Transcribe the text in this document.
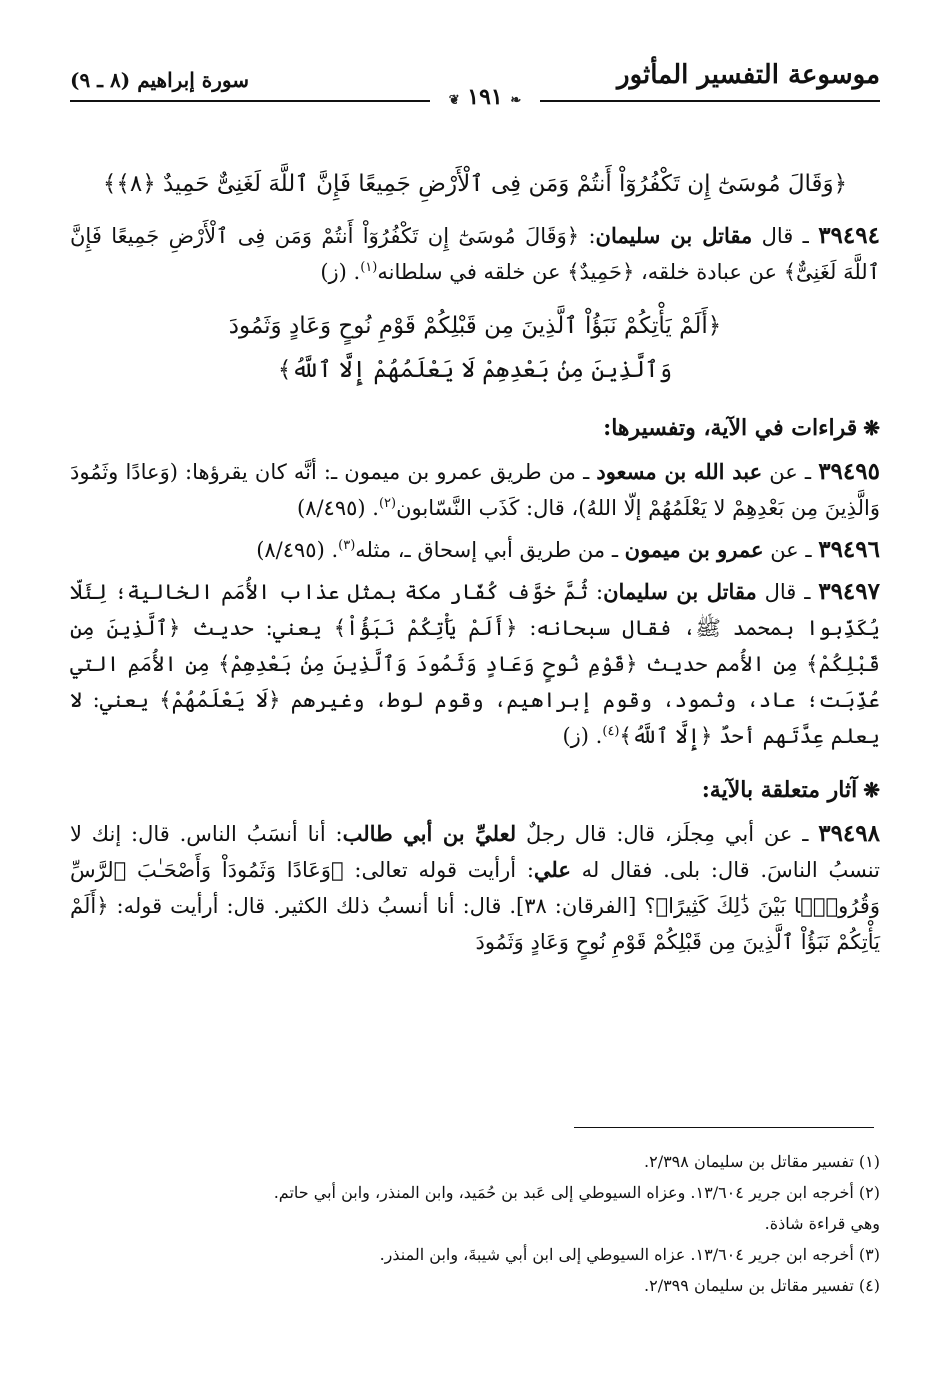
موسوعة التفسير المأثور
سورة إبراهيم (٨ ـ ٩)
❦ ١٩١ ❧
﴿وَقَالَ مُوسَىٰٓ إِن تَكْفُرُوٓاْ أَنتُمْ وَمَن فِى ٱلْأَرْضِ جَمِيعًا فَإِنَّ ٱللَّهَ لَغَنِىٌّ حَمِيدٌ ﴿٨﴾﴾

٣٩٤٩٤ ـ قال مقاتل بن سليمان: ﴿وَقَالَ مُوسَىٰٓ إِن تَكْفُرُوٓاْ أَنتُمْ وَمَن فِى ٱلْأَرْضِ جَمِيعًا فَإِنَّ ٱللَّهَ لَغَنِىٌّ﴾ عن عبادة خلقه، ﴿حَمِيدٌ﴾ عن خلقه في سلطانه$^{(١)}$. (ز)

﴿أَلَمْ يَأْتِكُمْ نَبَؤُاْ ٱلَّذِينَ مِن قَبْلِكُمْ قَوْمِ نُوحٍ وَعَادٍ وَثَمُودَ
وَٱلَّذِينَ مِنۢ بَعْدِهِمْ لَا يَعْلَمُهُمْ إِلَّا ٱللَّهُ﴾
❋قراءات في الآية، وتفسيرها:

٣٩٤٩٥ ـ عن عبد الله بن مسعود ـ من طريق عمرو بن ميمون ـ: أنَّه كان يقرؤها: (وَعادًا وثَمُودَ وَالَّذِينَ مِن بَعْدِهِمْ لا يَعْلَمُهُمْ إلّا اللهُ)، قال: كَذَب النَّسّابون$^{(٢)}$. (٨/٤٩٥)

٣٩٤٩٦ ـ عن عمرو بن ميمون ـ من طريق أبي إسحاق ـ، مثله$^{(٣)}$. (٨/٤٩٥)

٣٩٤٩٧ ـ قال مقاتل بن سليمان: ثُمَّ خوَّف كُفّار مكة بمثل عذاب الأُمَم الخالية؛ لِئَلّا يُكَذِّبوا بمحمد ﷺ، فقال سبحانه: ﴿أَلَمْ يَأْتِكُمْ نَبَؤُاْ﴾ يعني: حديث ﴿ٱلَّذِينَ مِن قَبْلِكُمْ﴾ مِن الأُمم حديث ﴿قَوْمِ نُوحٍ وَعَادٍ وَثَمُودَ وَٱلَّذِينَ مِنۢ بَعْدِهِمْ﴾ مِن الأُمَمِ التي عُذِّبَت؛ عاد، وثمود، وقوم إبراهيم، وقوم لوط، وغيرهم ﴿لَا يَعْلَمُهُمْ﴾ يعني: لا يعلم عِدَّتَهم أحدٌ ﴿إِلَّا ٱللَّهُ﴾$^{(٤)}$. (ز)

❋آثار متعلقة بالآية:

٣٩٤٩٨ ـ عن أبي مِجلَز، قال: قال رجلٌ لعليِّ بن أبي طالب: أنا أنسَبُ الناس. قال: إنك لا تنسبُ الناسَ. قال: بلى. فقال له علي: أرأيت قوله تعالى: ﴿وَعَادًا وَثَمُودَاْ وَأَصْحَـٰبَ ٱلرَّسِّ وَقُرُونًۢا بَيْنَ ذَٰلِكَ كَثِيرًا﴾؟ [الفرقان: ٣٨]. قال: أنا أنسبُ ذلك الكثير. قال: أرأيت قوله: ﴿أَلَمْ يَأْتِكُمْ نَبَؤُاْ ٱلَّذِينَ مِن قَبْلِكُمْ قَوْمِ نُوحٍ وَعَادٍ وَثَمُودَ

(١) تفسير مقاتل بن سليمان ٢/٣٩٨.
(٢) أخرجه ابن جرير ١٣/٦٠٤. وعزاه السيوطي إلى عَبد بن حُمَيد، وابن المنذر، وابن أبي حاتم.
وهي قراءة شاذة.
(٣) أخرجه ابن جرير ١٣/٦٠٤. عزاه السيوطي إلى ابن أبي شيبةَ، وابن المنذر.
(٤) تفسير مقاتل بن سليمان ٢/٣٩٩.
